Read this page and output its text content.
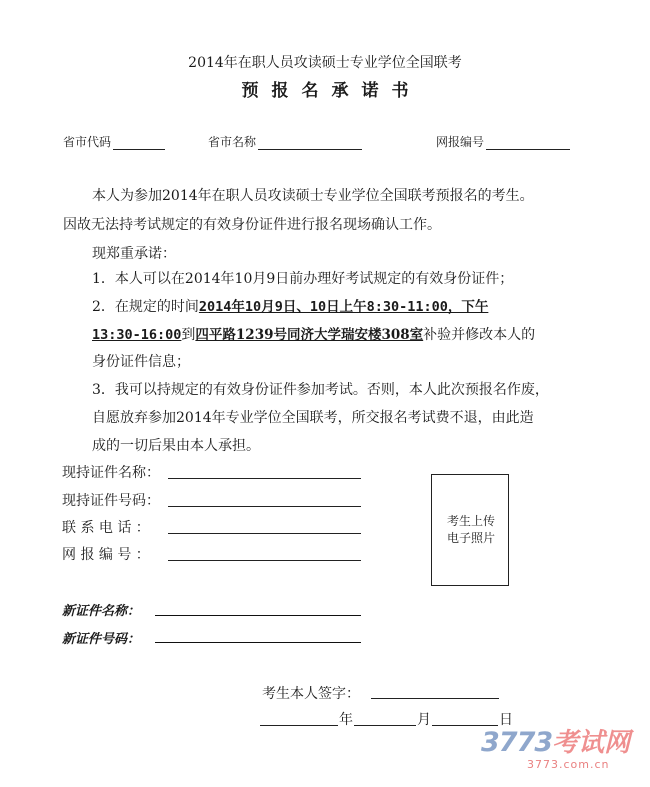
2014年在职人员攻读硕士专业学位全国联考
预报名承诺书
省市代码	省市名称	网报编号
本人为参加2014年在职人员攻读硕士专业学位全国联考预报名的考生。
因故无法持考试规定的有效身份证件进行报名现场确认工作。
现郑重承诺：
1．本人可以在2014年10月9日前办理好考试规定的有效身份证件；
2．在规定的时间2014年10月9日、10日上午8:30-11:00，下午
13:30-16:00到四平路1239号同济大学瑞安楼308室补验并修改本人的
身份证件信息；
3．我可以持规定的有效身份证件参加考试。否则，本人此次预报名作废，
自愿放弃参加2014年专业学位全国联考，所交报名考试费不退，由此造
成的一切后果由本人承担。
现持证件名称：
现持证件号码：
联 系 电 话 ：
网 报 编 号 ：
考生上传
电子照片
新证件名称：
新证件号码：
考生本人签字：
年	月	日
3773考试网
3773.com.cn
